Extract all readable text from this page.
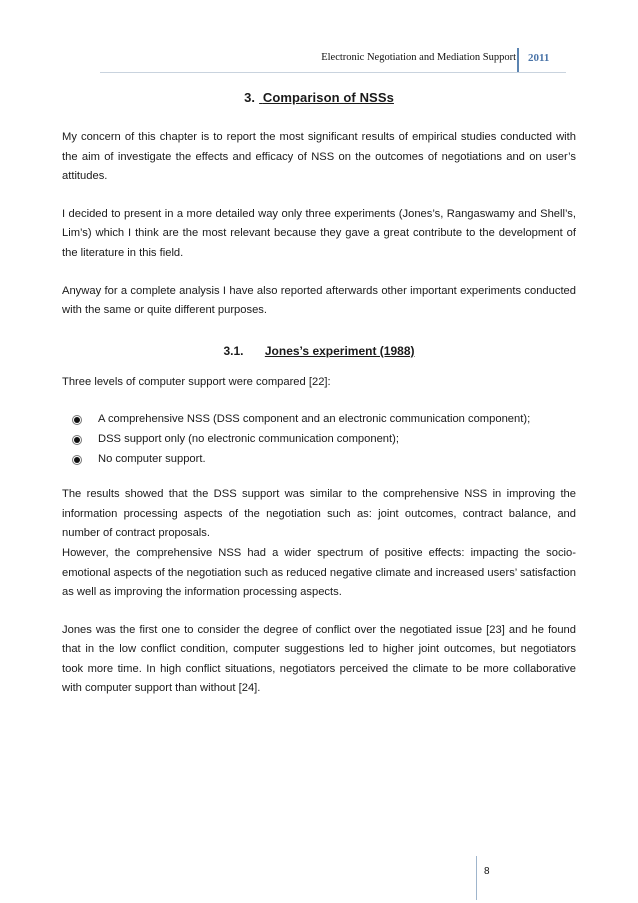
Electronic Negotiation and Mediation Support 2011
3. Comparison of NSSs

My concern of this chapter is to report the most significant results of empirical studies conducted with the aim of investigate the effects and efficacy of NSS on the outcomes of negotiations and on user’s attitudes.

I decided to present in a more detailed way only three experiments (Jones’s, Rangaswamy and Shell’s, Lim’s) which I think are the most relevant because they gave a great contribute to the development of the literature in this field.

Anyway for a complete analysis I have also reported afterwards other important experiments conducted with the same or quite different purposes.

3.1. Jones’s experiment (1988)

Three levels of computer support were compared [22]:

A comprehensive NSS (DSS component and an electronic communication component);
DSS support only (no electronic communication component);
No computer support.

The results showed that the DSS support was similar to the comprehensive NSS in improving the information processing aspects of the negotiation such as: joint outcomes, contract balance, and number of contract proposals.

However, the comprehensive NSS had a wider spectrum of positive effects: impacting the socio-emotional aspects of the negotiation such as reduced negative climate and increased users’ satisfaction as well as improving the information processing aspects.

Jones was the first one to consider the degree of conflict over the negotiated issue [23] and he found that in the low conflict condition, computer suggestions led to higher joint outcomes, but negotiators took more time. In high conflict situations, negotiators perceived the climate to be more collaborative with computer support than without [24].

8
